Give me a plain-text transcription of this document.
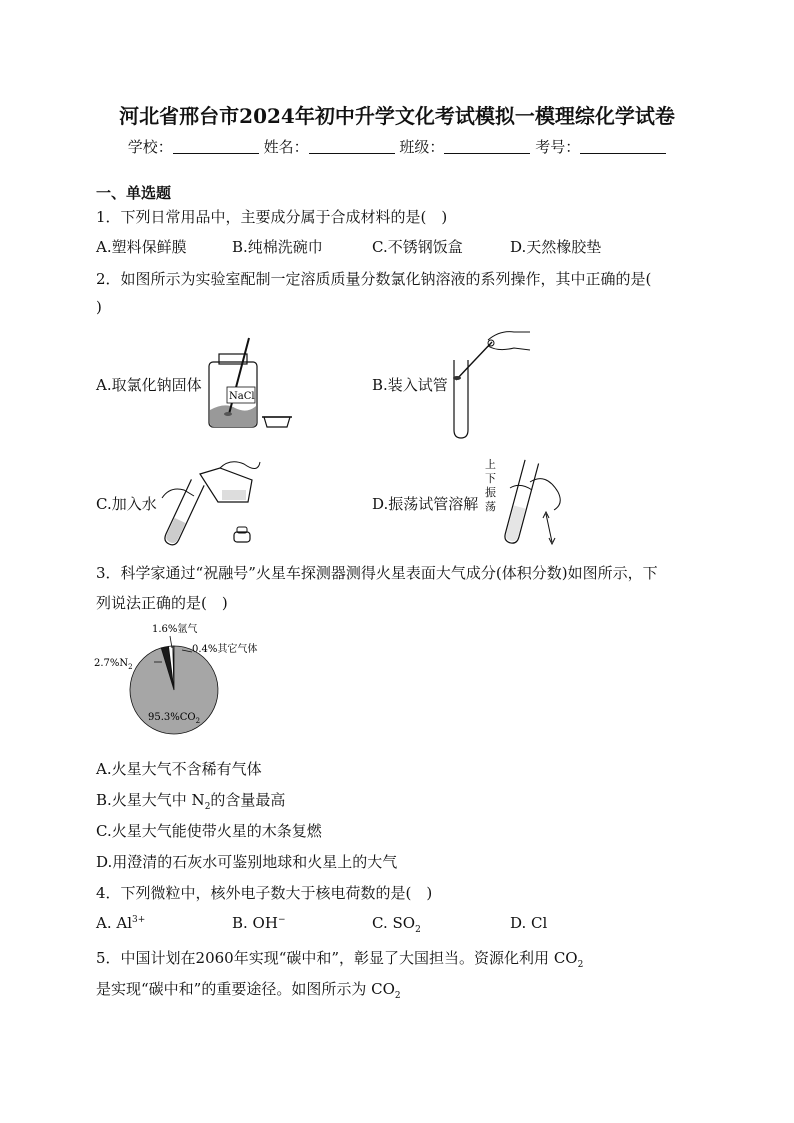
河北省邢台市2024年初中升学文化考试模拟一模理综化学试卷
学校：	姓名：	班级：	考号：
一、单选题
1．下列日常用品中，主要成分属于合成材料的是(　)
A.塑料保鲜膜	B.纯棉洗碗巾	C.不锈钢饭盒	D.天然橡胶垫
2．如图所示为实验室配制一定溶质质量分数氯化钠溶液的系列操作，其中正确的是(
)
A.取氯化钠固体	B.装入试管
C.加入水	D.振荡试管溶解
NaCl
上
下
振
荡
3．科学家通过“祝融号”火星车探测器测得火星表面大气成分(体积分数)如图所示，下
列说法正确的是(　)
1.6%氩气
0.4%其它气体
$2.7\%N_2$
$95.3\%CO_2$
A.火星大气不含稀有气体
B.火星大气中 $N_2$的含量最高
C.火星大气能使带火星的木条复燃
D.用澄清的石灰水可鉴别地球和火星上的大气
4．下列微粒中，核外电子数大于核电荷数的是(　)
A. $Al^{3+}$	B. OH−	C. $SO_2$	D. Cl
5．中国计划在2060年实现“碳中和”，彰显了大国担当。资源化利用 $CO_2$
是实现“碳中和”的重要途径。如图所示为 $CO_2$
